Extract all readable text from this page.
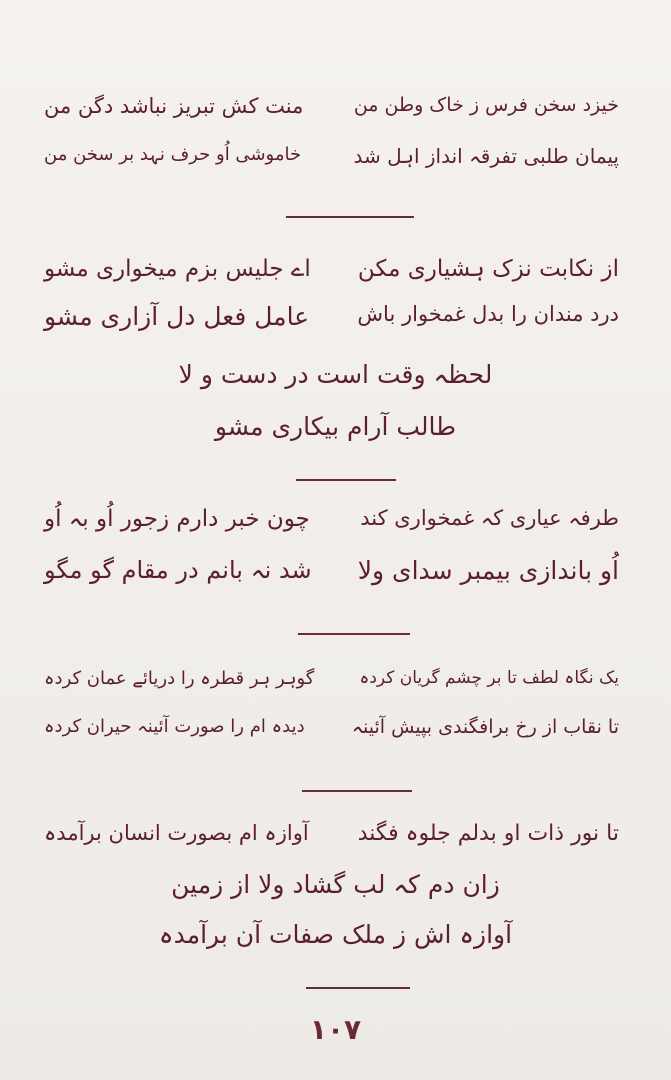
خیزد سخن فرس ز خاک وطن من
منت کش تبریز نباشد دگن من
پیمان طلبی تفرقہ انداز اہل شد
خاموشی اُو حرف نہد بر سخن من
از نکابت نزک ہشیاری مکن
اے جلیس بزم میخواری مشو
درد مندان را بدل غمخوار باش
عامل فعل دل آزاری مشو
لحظہ وقت است در دست و لا
طالب آرام بیکاری مشو
طرفہ عیاری کہ غمخواری کند
چون خبر دارم زجور اُو بہ اُو
اُو باندازی بیمبر سدای ولا
شد نہ بانم در مقام گو مگو
یک نگاہ لطف تا بر چشم گریان کردہ
گوہر ہر قطرہ را دریائے عمان کردہ
تا نقاب از رخ برافگندی بپیش آئینہ
دیدہ ام را صورت آئینہ حیران کردہ
تا نور ذات او بدلم جلوہ فگند
آوازہ ام بصورت انسان برآمدہ
زان دم کہ لب گشاد ولا از زمین
آوازہ اش ز ملک صفات آن برآمدہ
۱۰۷
